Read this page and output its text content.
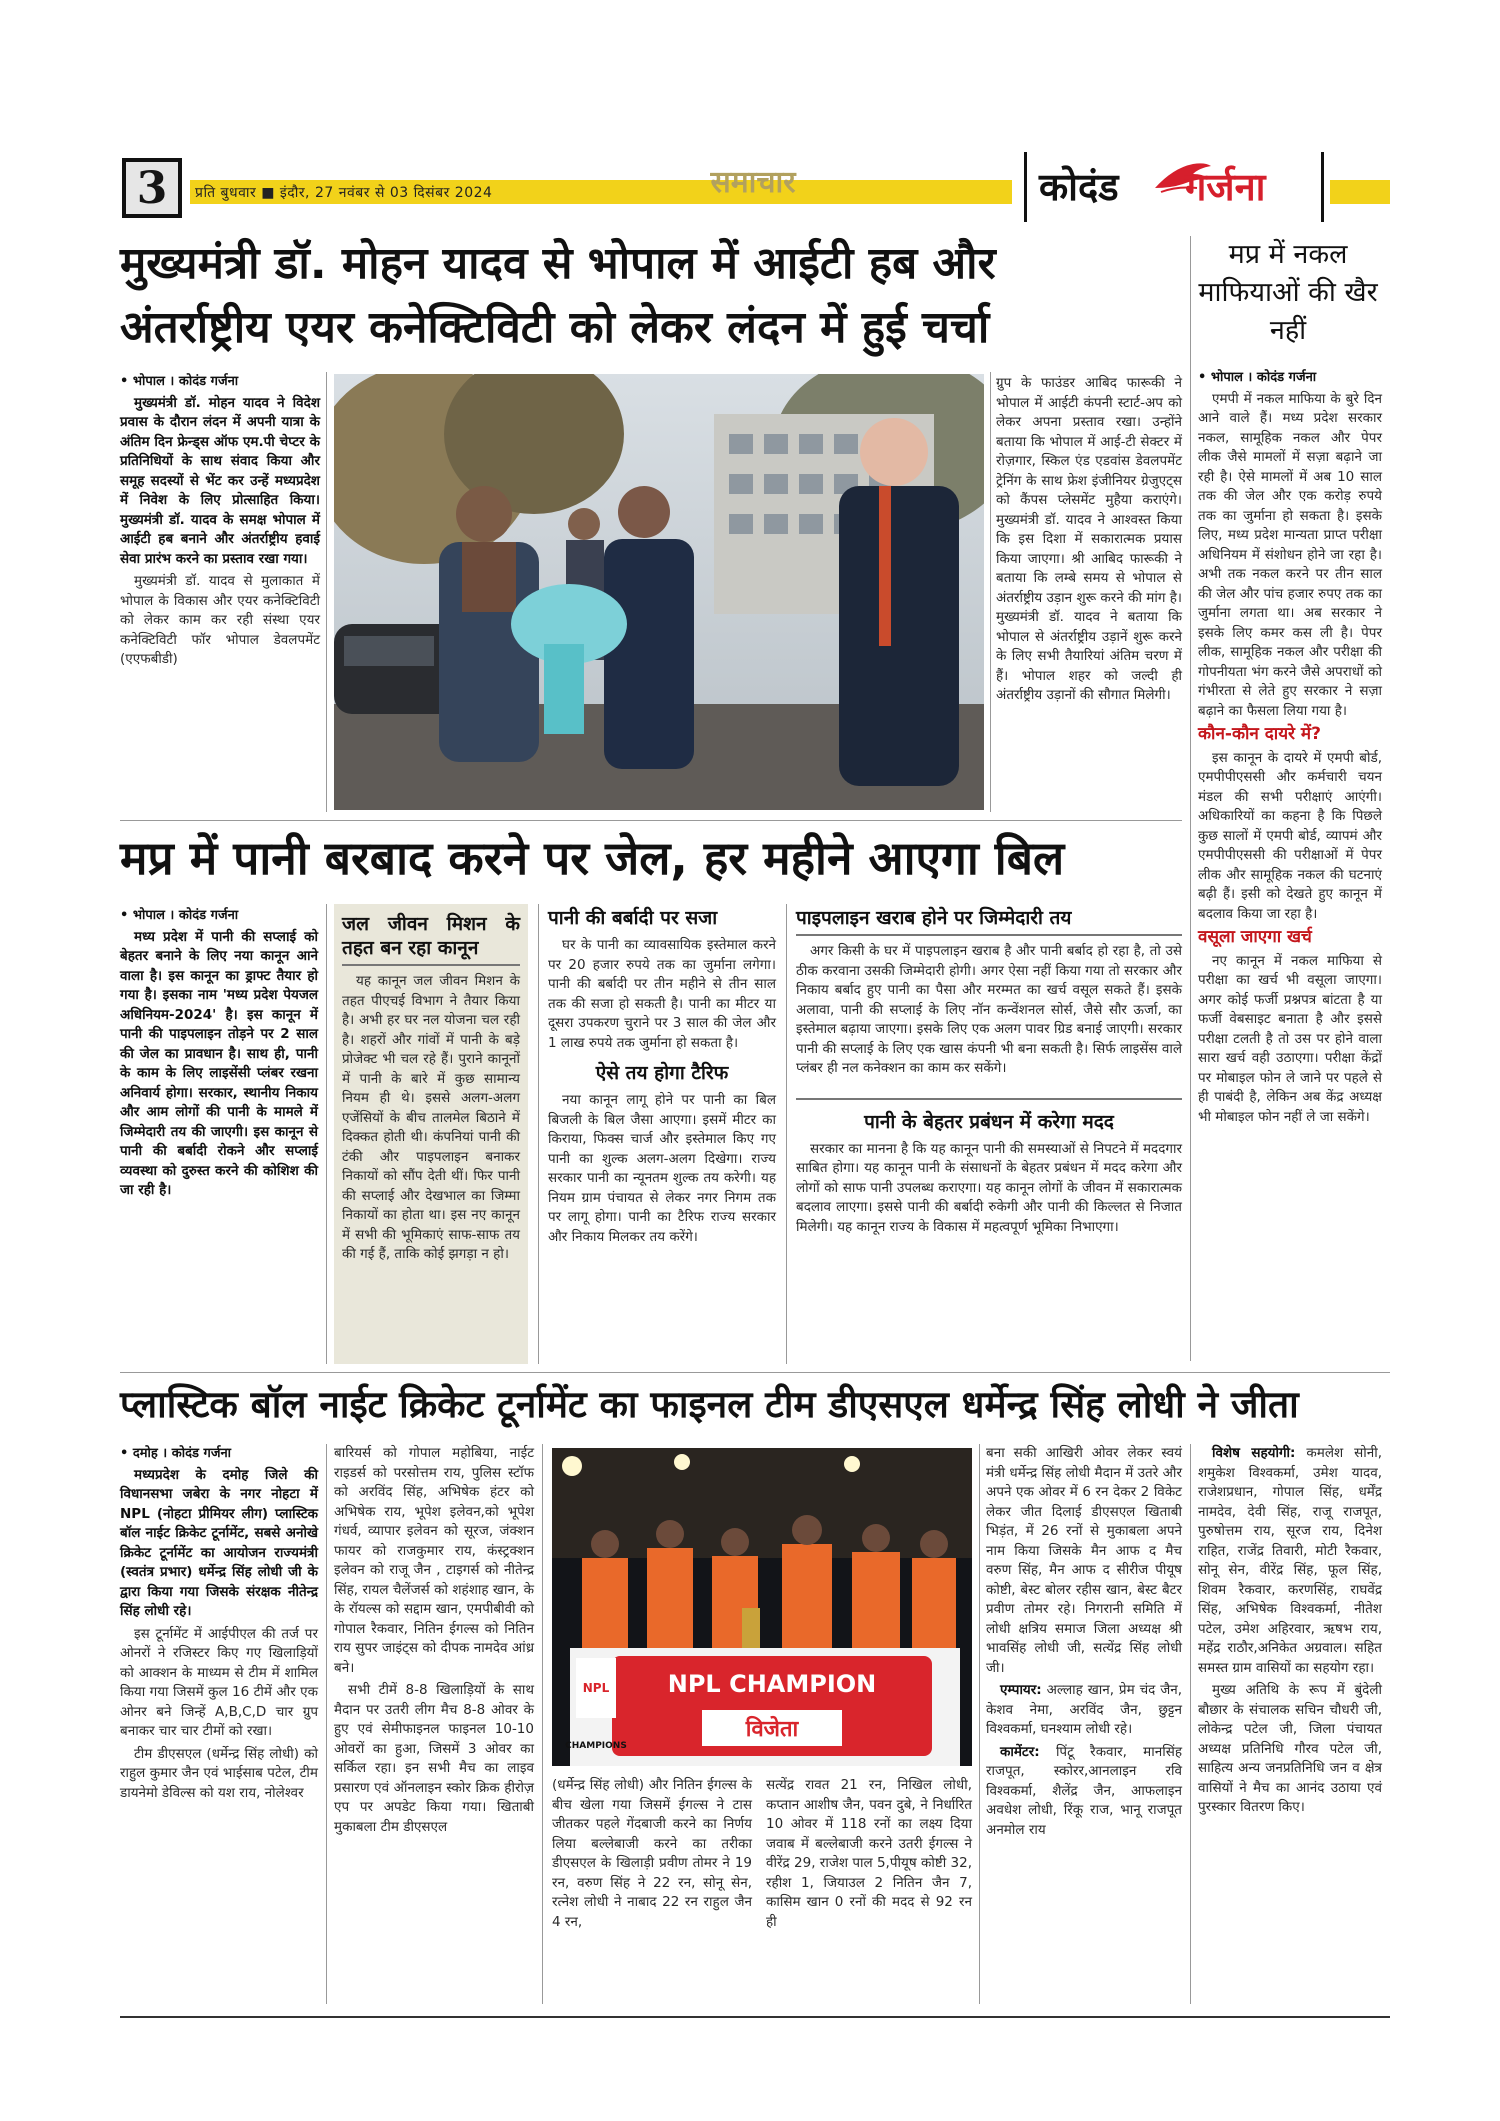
3	प्रति बुधवार ■ इंदौर, 27 नवंबर से 03 दिसंबर 2024	समाचार	कोदंड गर्जना
मुख्यमंत्री डॉ. मोहन यादव से भोपाल में आईटी हब और
अंतर्राष्ट्रीय एयर कनेक्टिविटी को लेकर लंदन में हुई चर्चा
मप्र में नकल माफियाओं की खैर नहीं
• भोपाल । कोदंड गर्जना

मुख्यमंत्री डॉ. मोहन यादव ने विदेश प्रवास के दौरान लंदन में अपनी यात्रा के अंतिम दिन फ्रेन्ड्स ऑफ एम.पी चेप्टर के प्रतिनिधियों के साथ संवाद किया और समूह सदस्यों से भेंट कर उन्हें मध्यप्रदेश में निवेश के लिए प्रोत्साहित किया। मुख्यमंत्री डॉ. यादव के समक्ष भोपाल में आईटी हब बनाने और अंतर्राष्ट्रीय हवाई सेवा प्रारंभ करने का प्रस्ताव रखा गया।

मुख्यमंत्री डॉ. यादव से मुलाकात में भोपाल के विकास और एयर कनेक्टिविटी को लेकर काम कर रही संस्था एयर कनेक्टिविटी फॉर भोपाल डेवलपमेंट (एएफबीडी)

ग्रुप के फाउंडर आबिद फारूकी ने भोपाल में आईटी कंपनी स्टार्ट-अप को लेकर अपना प्रस्ताव रखा। उन्होंने बताया कि भोपाल में आई-टी सेक्टर में रोज़गार, स्किल एंड एडवांस डेवलपमेंट ट्रेनिंग के साथ फ्रेश इंजीनियर ग्रेजुएट्स को कैंपस प्लेसमेंट मुहैया कराएंगे। मुख्यमंत्री डॉ. यादव ने आश्वस्त किया कि इस दिशा में सकारात्मक प्रयास किया जाएगा। श्री आबिद फारूकी ने बताया कि लम्बे समय से भोपाल से अंतर्राष्ट्रीय उड़ान शुरू करने की मांग है। मुख्यमंत्री डॉ. यादव ने बताया कि भोपाल से अंतर्राष्ट्रीय उड़ानें शुरू करने के लिए सभी तैयारियां अंतिम चरण में हैं। भोपाल शहर को जल्दी ही अंतर्राष्ट्रीय उड़ानों की सौगात मिलेगी।

• भोपाल । कोदंड गर्जना

एमपी में नकल माफिया के बुरे दिन आने वाले हैं। मध्य प्रदेश सरकार नकल, सामूहिक नकल और पेपर लीक जैसे मामलों में सज़ा बढ़ाने जा रही है। ऐसे मामलों में अब 10 साल तक की जेल और एक करोड़ रुपये तक का जुर्माना हो सकता है। इसके लिए, मध्य प्रदेश मान्यता प्राप्त परीक्षा अधिनियम में संशोधन होने जा रहा है। अभी तक नकल करने पर तीन साल की जेल और पांच हजार रुपए तक का जुर्माना लगता था। अब सरकार ने इसके लिए कमर कस ली है। पेपर लीक, सामूहिक नकल और परीक्षा की गोपनीयता भंग करने जैसे अपराधों को गंभीरता से लेते हुए सरकार ने सज़ा बढ़ाने का फैसला लिया गया है।

कौन-कौन दायरे में?

इस कानून के दायरे में एमपी बोर्ड, एमपीपीएससी और कर्मचारी चयन मंडल की सभी परीक्षाएं आएंगी। अधिकारियों का कहना है कि पिछले कुछ सालों में एमपी बोर्ड, व्यापमं और एमपीपीएससी की परीक्षाओं में पेपर लीक और सामूहिक नकल की घटनाएं बढ़ी हैं। इसी को देखते हुए कानून में बदलाव किया जा रहा है।

वसूला जाएगा खर्च

नए कानून में नकल माफिया से परीक्षा का खर्च भी वसूला जाएगा। अगर कोई फर्जी प्रश्नपत्र बांटता है या फर्जी वेबसाइट बनाता है और इससे परीक्षा टलती है तो उस पर होने वाला सारा खर्च वही उठाएगा। परीक्षा केंद्रों पर मोबाइल फोन ले जाने पर पहले से ही पाबंदी है, लेकिन अब केंद्र अध्यक्ष भी मोबाइल फोन नहीं ले जा सकेंगे।

मप्र में पानी बरबाद करने पर जेल, हर महीने आएगा बिल
• भोपाल । कोदंड गर्जना

मध्य प्रदेश में पानी की सप्लाई को बेहतर बनाने के लिए नया कानून आने वाला है। इस कानून का ड्राफ्ट तैयार हो गया है। इसका नाम 'मध्य प्रदेश पेयजल अधिनियम-2024' है। इस कानून में पानी की पाइपलाइन तोड़ने पर 2 साल की जेल का प्रावधान है। साथ ही, पानी के काम के लिए लाइसेंसी प्लंबर रखना अनिवार्य होगा। सरकार, स्थानीय निकाय और आम लोगों की पानी के मामले में जिम्मेदारी तय की जाएगी। इस कानून से पानी की बर्बादी रोकने और सप्लाई व्यवस्था को दुरुस्त करने की कोशिश की जा रही है।

जल जीवन मिशन के तहत बन रहा कानून

यह कानून जल जीवन मिशन के तहत पीएचई विभाग ने तैयार किया है। अभी हर घर नल योजना चल रही है। शहरों और गांवों में पानी के बड़े प्रोजेक्ट भी चल रहे हैं। पुराने कानूनों में पानी के बारे में कुछ सामान्य नियम ही थे। इससे अलग-अलग एजेंसियों के बीच तालमेल बिठाने में दिक्कत होती थी। कंपनियां पानी की टंकी और पाइपलाइन बनाकर निकायों को सौंप देती थीं। फिर पानी की सप्लाई और देखभाल का जिम्मा निकायों का होता था। इस नए कानून में सभी की भूमिकाएं साफ-साफ तय की गई हैं, ताकि कोई झगड़ा न हो।

पानी की बर्बादी पर सजा

घर के पानी का व्यावसायिक इस्तेमाल करने पर 20 हजार रुपये तक का जुर्माना लगेगा। पानी की बर्बादी पर तीन महीने से तीन साल तक की सजा हो सकती है। पानी का मीटर या दूसरा उपकरण चुराने पर 3 साल की जेल और 1 लाख रुपये तक जुर्माना हो सकता है।

ऐसे तय होगा टैरिफ

नया कानून लागू होने पर पानी का बिल बिजली के बिल जैसा आएगा। इसमें मीटर का किराया, फिक्स चार्ज और इस्तेमाल किए गए पानी का शुल्क अलग-अलग दिखेगा। राज्य सरकार पानी का न्यूनतम शुल्क तय करेगी। यह नियम ग्राम पंचायत से लेकर नगर निगम तक पर लागू होगा। पानी का टैरिफ राज्य सरकार और निकाय मिलकर तय करेंगे।

पाइपलाइन खराब होने पर जिम्मेदारी तय

अगर किसी के घर में पाइपलाइन खराब है और पानी बर्बाद हो रहा है, तो उसे ठीक करवाना उसकी जिम्मेदारी होगी। अगर ऐसा नहीं किया गया तो सरकार और निकाय बर्बाद हुए पानी का पैसा और मरम्मत का खर्च वसूल सकते हैं। इसके अलावा, पानी की सप्लाई के लिए नॉन कन्वेंशनल सोर्स, जैसे सौर ऊर्जा, का इस्तेमाल बढ़ाया जाएगा। इसके लिए एक अलग पावर ग्रिड बनाई जाएगी। सरकार पानी की सप्लाई के लिए एक खास कंपनी भी बना सकती है। सिर्फ लाइसेंस वाले प्लंबर ही नल कनेक्शन का काम कर सकेंगे।

पानी के बेहतर प्रबंधन में करेगा मदद

सरकार का मानना है कि यह कानून पानी की समस्याओं से निपटने में मददगार साबित होगा। यह कानून पानी के संसाधनों के बेहतर प्रबंधन में मदद करेगा और लोगों को साफ पानी उपलब्ध कराएगा। यह कानून लोगों के जीवन में सकारात्मक बदलाव लाएगा। इससे पानी की बर्बादी रुकेगी और पानी की किल्लत से निजात मिलेगी। यह कानून राज्य के विकास में महत्वपूर्ण भूमिका निभाएगा।

प्लास्टिक बॉल नाईट क्रिकेट टूर्नामेंट का फाइनल टीम डीएसएल धर्मेन्द्र सिंह लोधी ने जीता
• दमोह । कोदंड गर्जना

मध्यप्रदेश के दमोह जिले की विधानसभा जबेरा के नगर नोहटा में NPL (नोहटा प्रीमियर लीग) प्लास्टिक बॉल नाईट क्रिकेट टूर्नामेंट, सबसे अनोखे क्रिकेट टूर्नामेंट का आयोजन राज्यमंत्री (स्वतंत्र प्रभार) धर्मेन्द्र सिंह लोधी जी के द्वारा किया गया जिसके संरक्षक नीतेन्द्र सिंह लोधी रहे।

इस टूर्नामेंट में आईपीएल की तर्ज पर ओनरों ने रजिस्टर किए गए खिलाड़ियों को आक्शन के माध्यम से टीम में शामिल किया गया जिसमें कुल 16 टीमें और एक ओनर बने जिन्हें A,B,C,D चार ग्रुप बनाकर चार चार टीमों को रखा।

टीम डीएसएल (धर्मेन्द्र सिंह लोधी) को राहुल कुमार जैन एवं भाईसाब पटेल, टीम डायनेमो डेविल्स को यश राय, नोलेश्वर

बारियर्स को गोपाल महोबिया, नाईट राइडर्स को परसोत्तम राय, पुलिस स्टॉफ को अरविंद सिंह, अभिषेक हंटर को अभिषेक राय, भूपेश इलेवन,को भूपेश गंधर्व, व्यापार इलेवन को सूरज, जंक्शन फायर को राजकुमार राय, कंस्ट्रक्शन इलेवन को राजू जैन , टाइगर्स को नीतेन्द्र सिंह, रायल चैलेंजर्स को शहंशाह खान, के के रॉयल्स को सद्दाम खान, एमपीबीवी को गोपाल रैकवार, नितिन ईगल्स को नितिन राय सुपर जाइंट्स को दीपक नामदेव आंध्र बने।

सभी टीमें 8-8 खिलाड़ियों के साथ मैदान पर उतरी लीग मैच 8-8 ओवर के हुए एवं सेमीफाइनल फाइनल 10-10 ओवरों का हुआ, जिसमें 3 ओवर का सर्किल रहा। इन सभी मैच का लाइव प्रसारण एवं ऑनलाइन स्कोर क्रिक हीरोज़ एप पर अपडेट किया गया। खिताबी मुकाबला टीम डीएसएल

NPL CHAMPION
विजेता
NPL
CHAMPIONS

(धर्मेन्द्र सिंह लोधी) और नितिन ईगल्स के बीच खेला गया जिसमें ईगल्स ने टास जीतकर पहले गेंदबाजी करने का निर्णय लिया बल्लेबाजी करने का तरीका डीएसएल के खिलाड़ी प्रवीण तोमर ने 19 रन, वरुण सिंह ने 22 रन, सोनू सेन, रत्नेश लोधी ने नाबाद 22 रन राहुल जैन 4 रन,

सत्येंद्र रावत 21 रन, निखिल लोधी, कप्तान आशीष जैन, पवन दुबे, ने निर्धारित 10 ओवर में 118 रनों का लक्ष्य दिया जवाब में बल्लेबाजी करने उतरी ईगल्स ने वीरेंद्र 29, राजेश पाल 5,पीयूष कोष्टी 32, रहीश 1, जियाउल 2 नितिन जैन 7, कासिम खान 0 रनों की मदद से 92 रन ही

बना सकी आखिरी ओवर लेकर स्वयं मंत्री धर्मेन्द्र सिंह लोधी मैदान में उतरे और अपने एक ओवर में 6 रन देकर 2 विकेट लेकर जीत दिलाई डीएसएल खिताबी भिड़ंत, में 26 रनों से मुकाबला अपने नाम किया जिसके मैन आफ द मैच वरुण सिंह, मैन आफ द सीरीज पीयूष कोष्टी, बेस्ट बोलर रहीस खान, बेस्ट बैटर प्रवीण तोमर रहे। निगरानी समिति में लोधी क्षत्रिय समाज जिला अध्यक्ष श्री भावसिंह लोधी जी, सत्येंद्र सिंह लोधी जी।

एम्पायर: अल्लाह खान, प्रेम चंद जैन, केशव नेमा, अरविंद जैन, छुट्टन विश्वकर्मा, घनश्याम लोधी रहे।

कामेंटर: पिंटू रैकवार, मानसिंह राजपूत, स्कोरर,आनलाइन रवि विश्वकर्मा, शैलेंद्र जैन, आफलाइन अवधेश लोधी, रिंकू राज, भानू राजपूत अनमोल राय

विशेष सहयोगी: कमलेश सोनी, शमुकेश विश्वकर्मा, उमेश यादव, राजेशप्रधान, गोपाल सिंह, धर्मेंद्र नामदेव, देवी सिंह, राजू राजपूत, पुरुषोत्तम राय, सूरज राय, दिनेश राहित, राजेंद्र तिवारी, मोटी रैकवार, सोनू सेन, वीरेंद्र सिंह, फूल सिंह, शिवम रैकवार, करणसिंह, राघवेंद्र सिंह, अभिषेक विश्वकर्मा, नीतेश पटेल, उमेश अहिरवार, ऋषभ राय, महेंद्र राठौर,अनिकेत अग्रवाल। सहित समस्त ग्राम वासियों का सहयोग रहा।

मुख्य अतिथि के रूप में बुंदेली बौछार के संचालक सचिन चौधरी जी, लोकेन्द्र पटेल जी, जिला पंचायत अध्यक्ष प्रतिनिधि गौरव पटेल जी, साहित्य अन्य जनप्रतिनिधि जन व क्षेत्र वासियों ने मैच का आनंद उठाया एवं पुरस्कार वितरण किए।
